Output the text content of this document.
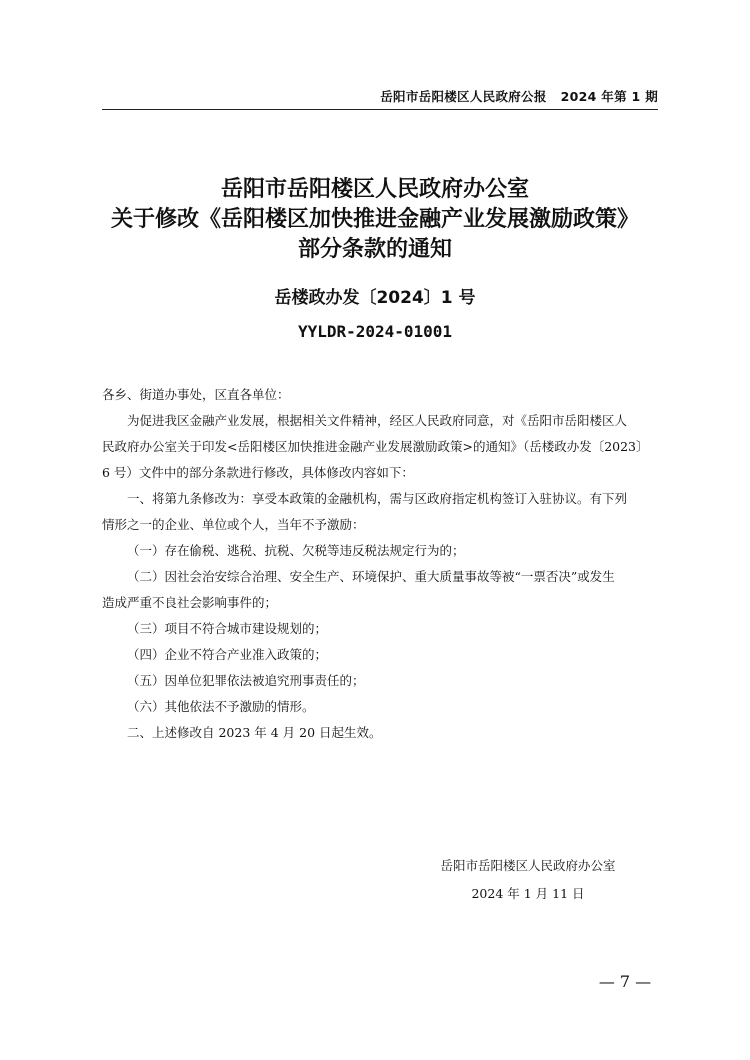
岳阳市岳阳楼区人民政府公报 2024 年第 1 期
岳阳市岳阳楼区人民政府办公室
关于修改《岳阳楼区加快推进金融产业发展激励政策》
部分条款的通知
岳楼政办发〔2024〕1 号
YYLDR-2024-01001
各乡、街道办事处，区直各单位：
为促进我区金融产业发展，根据相关文件精神，经区人民政府同意，对《岳阳市岳阳楼区人
民政府办公室关于印发<岳阳楼区加快推进金融产业发展激励政策>的通知》（岳楼政办发〔2023〕
6 号）文件中的部分条款进行修改，具体修改内容如下：
一、将第九条修改为：享受本政策的金融机构，需与区政府指定机构签订入驻协议。有下列
情形之一的企业、单位或个人，当年不予激励：
（一）存在偷税、逃税、抗税、欠税等违反税法规定行为的；
（二）因社会治安综合治理、安全生产、环境保护、重大质量事故等被“一票否决”或发生
造成严重不良社会影响事件的；
（三）项目不符合城市建设规划的；
（四）企业不符合产业准入政策的；
（五）因单位犯罪依法被追究刑事责任的；
（六）其他依法不予激励的情形。
二、上述修改自 2023 年 4 月 20 日起生效。
岳阳市岳阳楼区人民政府办公室
2024 年 1 月 11 日
— 7 —
